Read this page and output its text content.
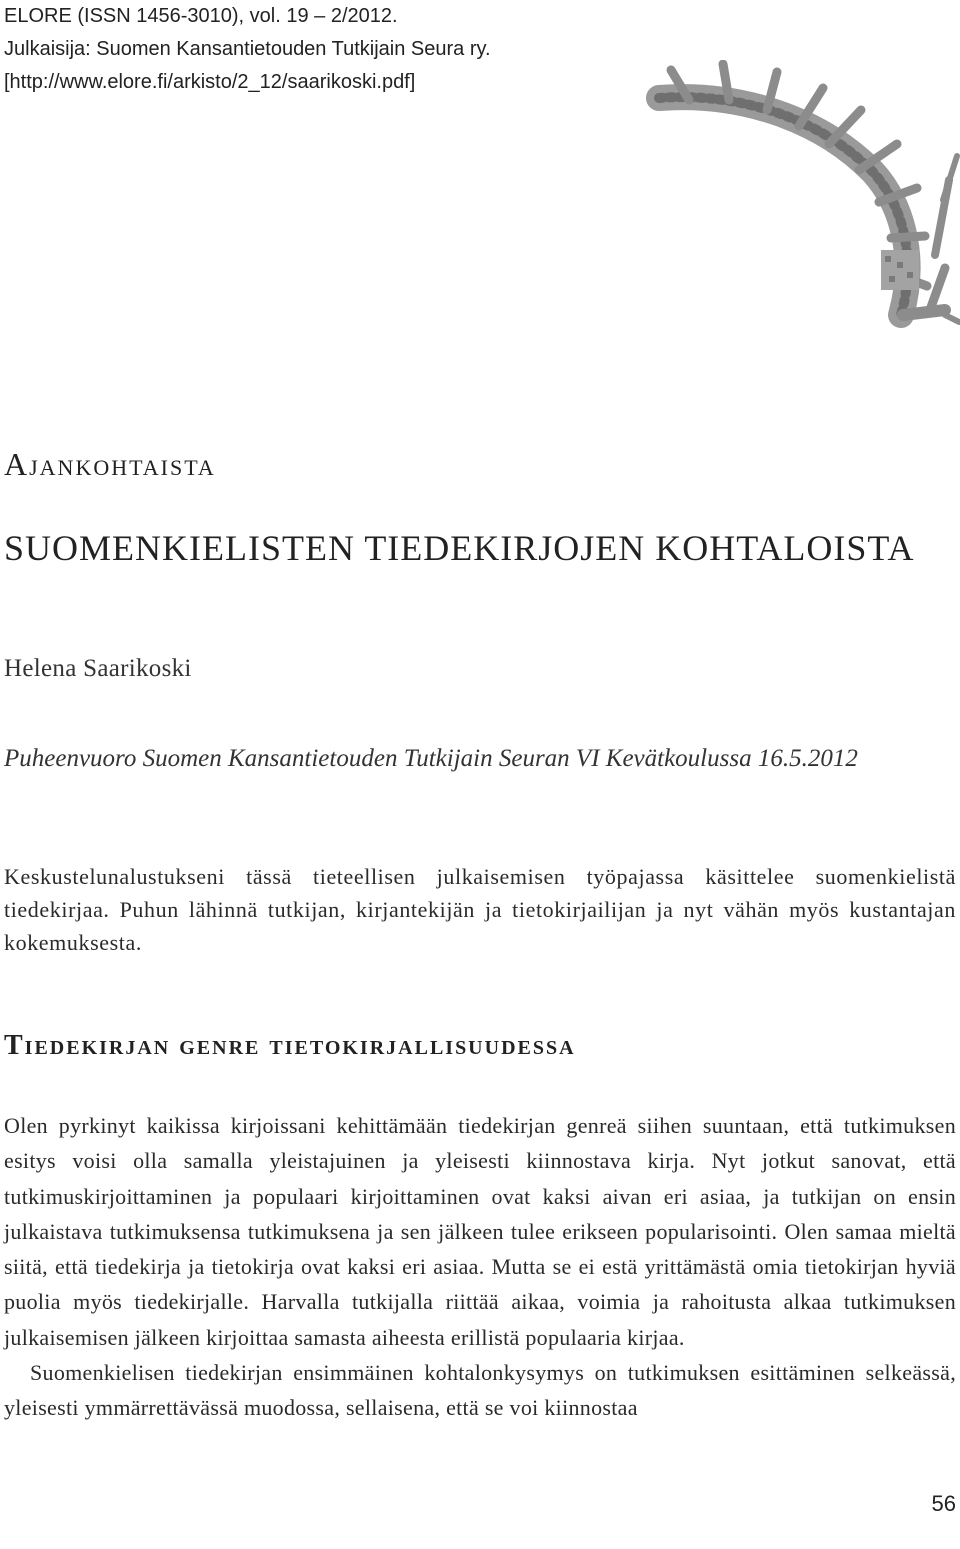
ELORE (ISSN 1456-3010), vol. 19 – 2/2012.
Julkaisija: Suomen Kansantietouden Tutkijain Seura ry.
[http://www.elore.fi/arkisto/2_12/saarikoski.pdf]
Ajankohtaista
SUOMENKIELISTEN TIEDEKIRJOJEN KOHTALOISTA
Helena Saarikoski
Puheenvuoro Suomen Kansantietouden Tutkijain Seuran VI Kevätkoulussa 16.5.2012
Keskustelunalustukseni tässä tieteellisen julkaisemisen työpajassa käsittelee suomenkielistä tiedekirjaa. Puhun lähinnä tutkijan, kirjantekijän ja tietokirjailijan ja nyt vähän myös kustantajan kokemuksesta.
Tiedekirjan genre tietokirjallisuudessa

Olen pyrkinyt kaikissa kirjoissani kehittämään tiedekirjan genreä siihen suuntaan, että tutkimuksen esitys voisi olla samalla yleistajuinen ja yleisesti kiinnostava kirja. Nyt jotkut sanovat, että tutkimuskirjoittaminen ja populaari kirjoittaminen ovat kaksi aivan eri asiaa, ja tutkijan on ensin julkaistava tutkimuksensa tutkimuksena ja sen jälkeen tulee erikseen popularisointi. Olen samaa mieltä siitä, että tiedekirja ja tietokirja ovat kaksi eri asiaa. Mutta se ei estä yrittämästä omia tietokirjan hyviä puolia myös tiedekirjalle. Harvalla tutkijalla riittää aikaa, voimia ja rahoitusta alkaa tutkimuksen julkaisemisen jälkeen kirjoittaa samasta aiheesta erillistä populaaria kirjaa.

Suomenkielisen tiedekirjan ensimmäinen kohtalonkysymys on tutkimuksen esittäminen selkeässä, yleisesti ymmärrettävässä muodossa, sellaisena, että se voi kiinnostaa

56
